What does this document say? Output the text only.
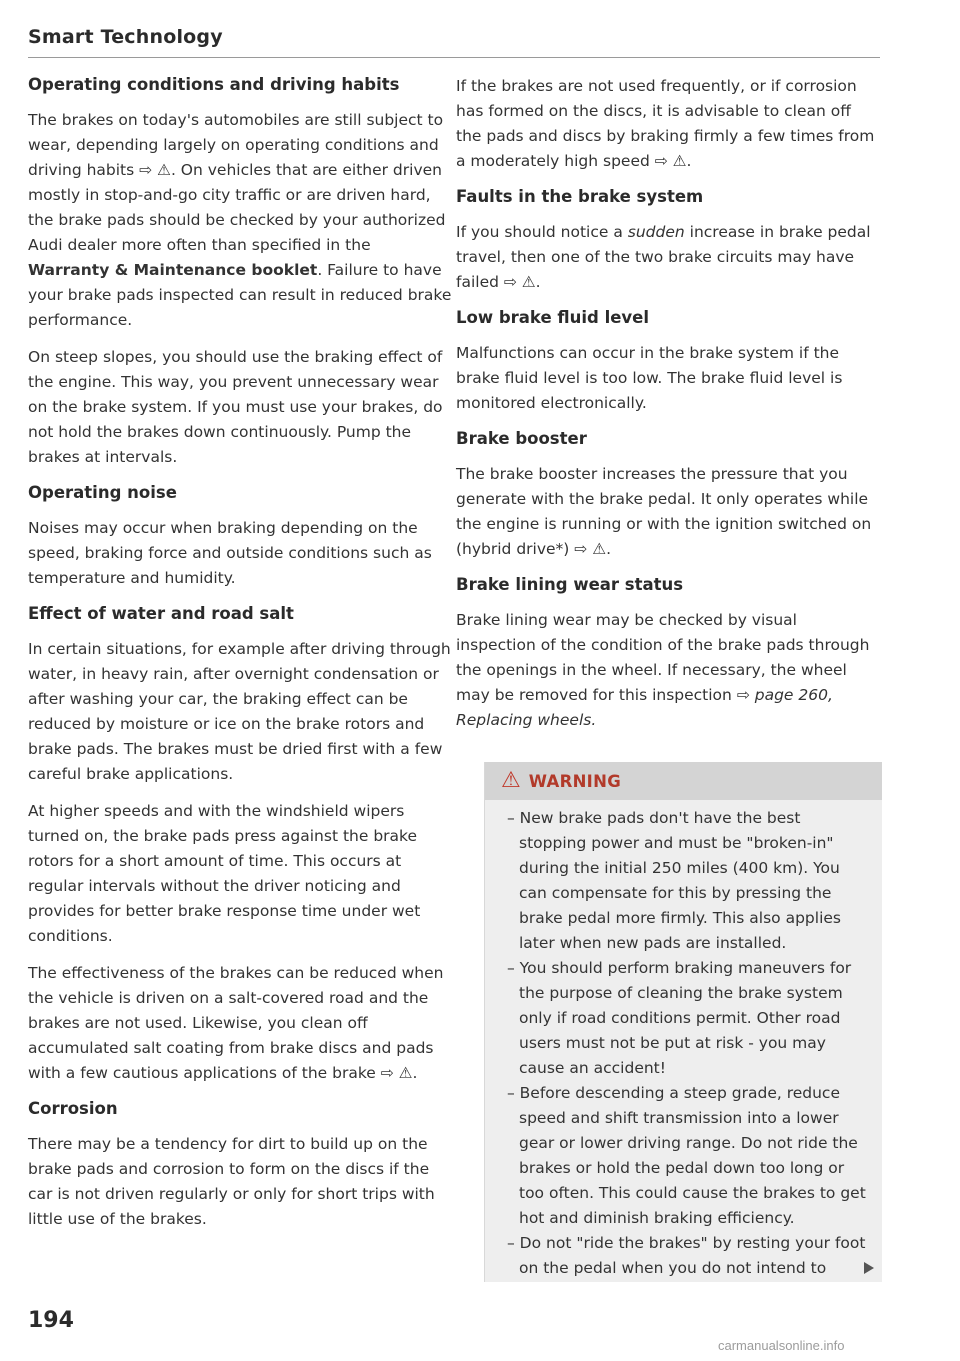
Smart Technology
Operating conditions and driving habits

The brakes on today's automobiles are still subject to wear, depending largely on operating conditions and driving habits ⇨ ⚠. On vehicles that are either driven mostly in stop-and-go city traffic or are driven hard, the brake pads should be checked by your authorized Audi dealer more often than specified in the Warranty & Maintenance booklet. Failure to have your brake pads inspected can result in reduced brake performance.

On steep slopes, you should use the braking effect of the engine. This way, you prevent unnecessary wear on the brake system. If you must use your brakes, do not hold the brakes down continuously. Pump the brakes at intervals.

Operating noise

Noises may occur when braking depending on the speed, braking force and outside conditions such as temperature and humidity.

Effect of water and road salt

In certain situations, for example after driving through water, in heavy rain, after overnight condensation or after washing your car, the braking effect can be reduced by moisture or ice on the brake rotors and brake pads. The brakes must be dried first with a few careful brake applications.

At higher speeds and with the windshield wipers turned on, the brake pads press against the brake rotors for a short amount of time. This occurs at regular intervals without the driver noticing and provides for better brake response time under wet conditions.

The effectiveness of the brakes can be reduced when the vehicle is driven on a salt-covered road and the brakes are not used. Likewise, you clean off accumulated salt coating from brake discs and pads with a few cautious applications of the brake ⇨ ⚠.

Corrosion

There may be a tendency for dirt to build up on the brake pads and corrosion to form on the discs if the car is not driven regularly or only for short trips with little use of the brakes.

If the brakes are not used frequently, or if corrosion has formed on the discs, it is advisable to clean off the pads and discs by braking firmly a few times from a moderately high speed ⇨ ⚠.

Faults in the brake system

If you should notice a sudden increase in brake pedal travel, then one of the two brake circuits may have failed ⇨ ⚠.

Low brake fluid level

Malfunctions can occur in the brake system if the brake fluid level is too low. The brake fluid level is monitored electronically.

Brake booster

The brake booster increases the pressure that you generate with the brake pedal. It only operates while the engine is running or with the ignition switched on (hybrid drive*) ⇨ ⚠.

Brake lining wear status

Brake lining wear may be checked by visual inspection of the condition of the brake pads through the openings in the wheel. If necessary, the wheel may be removed for this inspection ⇨ page 260, Replacing wheels.

⚠ WARNING
– New brake pads don't have the best stopping power and must be "broken-in" during the initial 250 miles (400 km). You can compensate for this by pressing the brake pedal more firmly. This also applies later when new pads are installed.
– You should perform braking maneuvers for the purpose of cleaning the brake system only if road conditions permit. Other road users must not be put at risk - you may cause an accident!
– Before descending a steep grade, reduce speed and shift transmission into a lower gear or lower driving range. Do not ride the brakes or hold the pedal down too long or too often. This could cause the brakes to get hot and diminish braking efficiency.
– Do not "ride the brakes" by resting your foot on the pedal when you do not intend to
194
carmanualsonline.info
